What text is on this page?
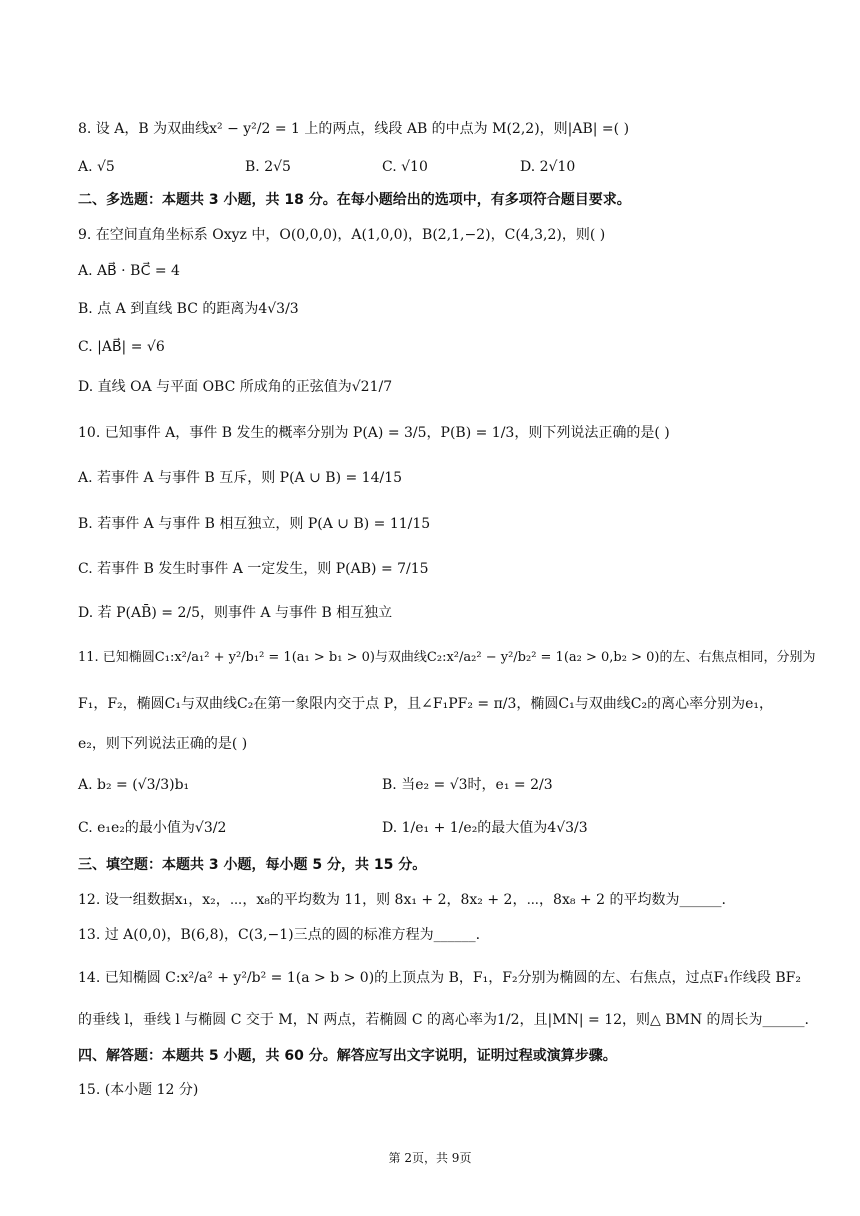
8. 设 A，B 为双曲线x² − y²/2 = 1 上的两点，线段 AB 的中点为 M(2,2)，则|AB| =( )
A. √5	B. 2√5	C. √10	D. 2√10
二、多选题：本题共 3 小题，共 18 分。在每小题给出的选项中，有多项符合题目要求。
9. 在空间直角坐标系 Oxyz 中，O(0,0,0)，A(1,0,0)，B(2,1,−2)，C(4,3,2)，则( )
A. AB⃗ · BC⃗ = 4
B. 点 A 到直线 BC 的距离为4√3/3
C. |AB⃗| = √6
D. 直线 OA 与平面 OBC 所成角的正弦值为√21/7
10. 已知事件 A，事件 B 发生的概率分别为 P(A) = 3/5，P(B) = 1/3，则下列说法正确的是( )
A. 若事件 A 与事件 B 互斥，则 P(A ∪ B) = 14/15
B. 若事件 A 与事件 B 相互独立，则 P(A ∪ B) = 11/15
C. 若事件 B 发生时事件 A 一定发生，则 P(AB) = 7/15
D. 若 P(AB̄) = 2/5，则事件 A 与事件 B 相互独立
11. 已知椭圆C₁:x²/a₁² + y²/b₁² = 1(a₁ > b₁ > 0)与双曲线C₂:x²/a₂² − y²/b₂² = 1(a₂ > 0,b₂ > 0)的左、右焦点相同，分别为
F₁，F₂，椭圆C₁与双曲线C₂在第一象限内交于点 P，且∠F₁PF₂ = π/3，椭圆C₁与双曲线C₂的离心率分别为e₁，
e₂，则下列说法正确的是( )
A. b₂ = (√3/3)b₁	B. 当e₂ = √3时，e₁ = 2/3
C. e₁e₂的最小值为√3/2	D. 1/e₁ + 1/e₂的最大值为4√3/3
三、填空题：本题共 3 小题，每小题 5 分，共 15 分。
12. 设一组数据x₁，x₂，⋯，x₈的平均数为 11，则 8x₁ + 2，8x₂ + 2，⋯，8x₈ + 2 的平均数为______.
13. 过 A(0,0)，B(6,8)，C(3,−1)三点的圆的标准方程为______.
14. 已知椭圆 C:x²/a² + y²/b² = 1(a > b > 0)的上顶点为 B，F₁，F₂分别为椭圆的左、右焦点，过点F₁作线段 BF₂
的垂线 l，垂线 l 与椭圆 C 交于 M，N 两点，若椭圆 C 的离心率为1/2，且|MN| = 12，则△ BMN 的周长为______.
四、解答题：本题共 5 小题，共 60 分。解答应写出文字说明，证明过程或演算步骤。
15. (本小题 12 分)
第 2页，共 9页
